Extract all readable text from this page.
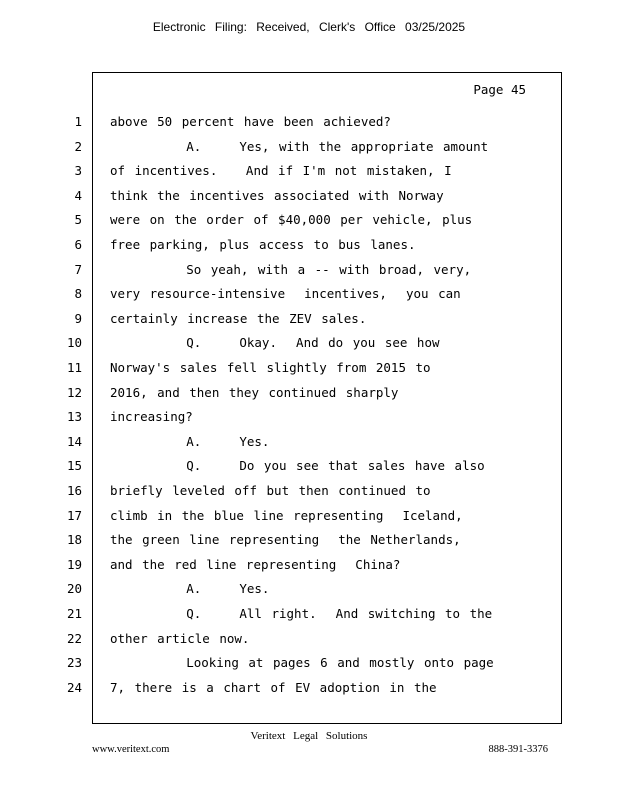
Electronic Filing: Received, Clerk's Office 03/25/2025
Page 45
1 above 50 percent have been achieved?
2 A.    Yes, with the appropriate amount
3 of incentives.   And if I'm not mistaken, I
4 think the incentives associated with Norway
5 were on the order of $40,000 per vehicle, plus
6 free parking, plus access to bus lanes.
7 So yeah, with a -- with broad, very,
8 very resource-intensive  incentives,  you can
9 certainly increase the ZEV sales.
10 Q.    Okay.  And do you see how
11 Norway's sales fell slightly from 2015 to
12 2016, and then they continued sharply
13 increasing?
14 A.    Yes.
15 Q.    Do you see that sales have also
16 briefly leveled off but then continued to
17 climb in the blue line representing  Iceland,
18 the green line representing  the Netherlands,
19 and the red line representing  China?
20 A.    Yes.
21 Q.    All right.  And switching to the
22 other article now.
23 Looking at pages 6 and mostly onto page
24 7, there is a chart of EV adoption in the
Veritext Legal Solutions
www.veritext.com	888-391-3376
